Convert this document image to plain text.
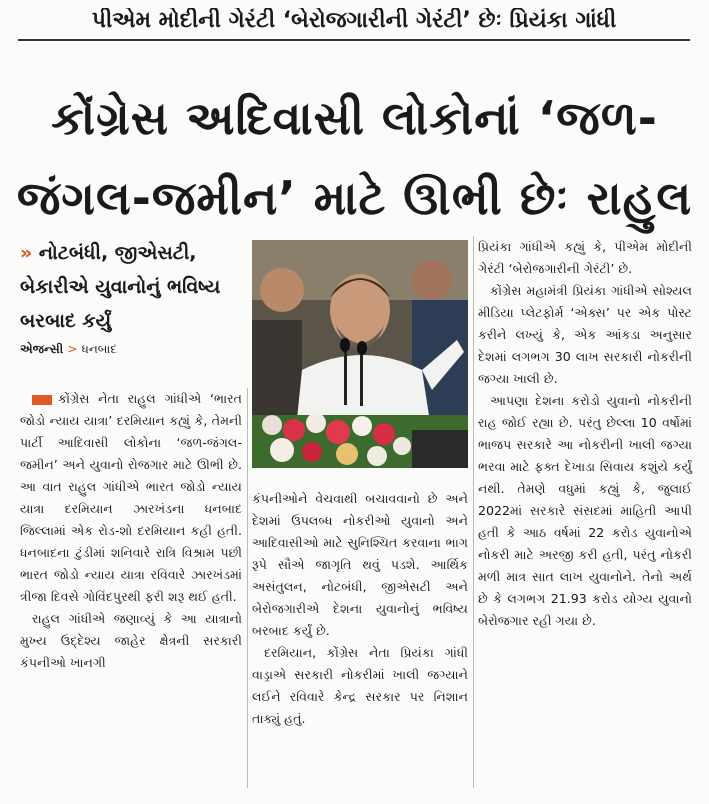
પીએમ મોદીની ગેરંટી ‘બેરોજગારીની ગેરંટી’ છેઃ પ્રિયંકા ગાંધી
કોંગ્રેસ અદિવાસી લોકોનાં ‘જળ-
જંગલ-જમીન’ માટે ઊભી છેઃ રાહુલ
» નોટબંધી, જીએસટી, બેકારીએ યુવાનોનું ભવિષ્ય બરબાદ કર્યું
એજન્સી > ધનબાદ

કોંગ્રેસ નેતા રાહુલ ગાંધીએ ‘ભારત જોડો ન્યાય યાત્રા’ દરમિયાન કહ્યું કે, તેમની પાર્ટી આદિવાસી લોકોના ‘જળ-જંગલ-જમીન’ અને યુવાનો રોજગાર માટે ઊભી છે. આ વાત રાહુલ ગાંધીએ ભારત જોડો ન્યાય યાત્રા દરમિયાન ઝારખંડના ધનબાદ જિલ્લામાં એક રોડ-શો દરમિયાન કહી હતી. ધનબાદના ટુંડીમાં શનિવારે રાત્રિ વિશ્રામ પછી ભારત જોડો ન્યાય યાત્રા રવિવારે ઝારખંડમાં ત્રીજા દિવસે ગોવિંદપુરથી ફરી શરૂ થઈ હતી.

રાહુલ ગાંધીએ જણાવ્યું કે આ યાત્રાનો મુખ્ય ઉદ્દેશ્ય જાહેર ક્ષેત્રની સરકારી કંપનીઓ ખાનગી

કંપનીઓને વેચવાથી બચાવવાનો છે અને દેશમાં ઉપલબ્ધ નોકરીઓ યુવાનો અને આદિવાસીઓ માટે સુનિશ્ચિત કરવાના ભાગ રૂપે સૌએ જાગૃતિ થવું પડશે. આર્થિક અસંતુલન, નોટબંધી, જીએસટી અને બેરોજગારીએ દેશના યુવાનોનું ભવિષ્ય બરબાદ કર્યું છે.

દરમિયાન, કોંગ્રેસ નેતા પ્રિયંકા ગાંધી વાડ્રાએ સરકારી નોકરીમાં ખાલી જગ્યાને લઈને રવિવારે કેન્દ્ર સરકાર પર નિશાન તાક્યું હતું.

પ્રિયંકા ગાંધીએ કહ્યું કે, પીએમ મોદીની ગેરંટી ‘બેરોજગારીની ગેરંટી’ છે.

કોંગ્રેસ મહામંત્રી પ્રિયંકા ગાંધીએ સોશ્યલ મીડિયા પ્લેટફોર્મ ‘એક્સ’ પર એક પોસ્ટ કરીને લખ્યું કે, એક આંકડા અનુસાર દેશમાં લગભગ 30 લાખ સરકારી નોકરીની જગ્યા ખાલી છે.

આપણા દેશના કરોડો યુવાનો નોકરીની રાહ જોઈ રહ્યા છે. પરંતુ છેલ્લા 10 વર્ષોમાં ભાજપ સરકારે આ નોકરીની ખાલી જગ્યા ભરવા માટે ફક્ત દેખાડા સિવાય કશુંયે કર્યું નથી. તેમણે વધુમાં કહ્યું કે, જુલાઈ 2022માં સરકારે સંસદમાં માહિતી આપી હતી કે આઠ વર્ષમાં 22 કરોડ યુવાનોએ નોકરી માટે અરજી કરી હતી, પરંતુ નોકરી મળી માત્ર સાત લાખ યુવાનોને. તેનો અર્થ છે કે લગભગ 21.93 કરોડ યોગ્ય યુવાનો બેરોજગાર રહી ગયા છે.
